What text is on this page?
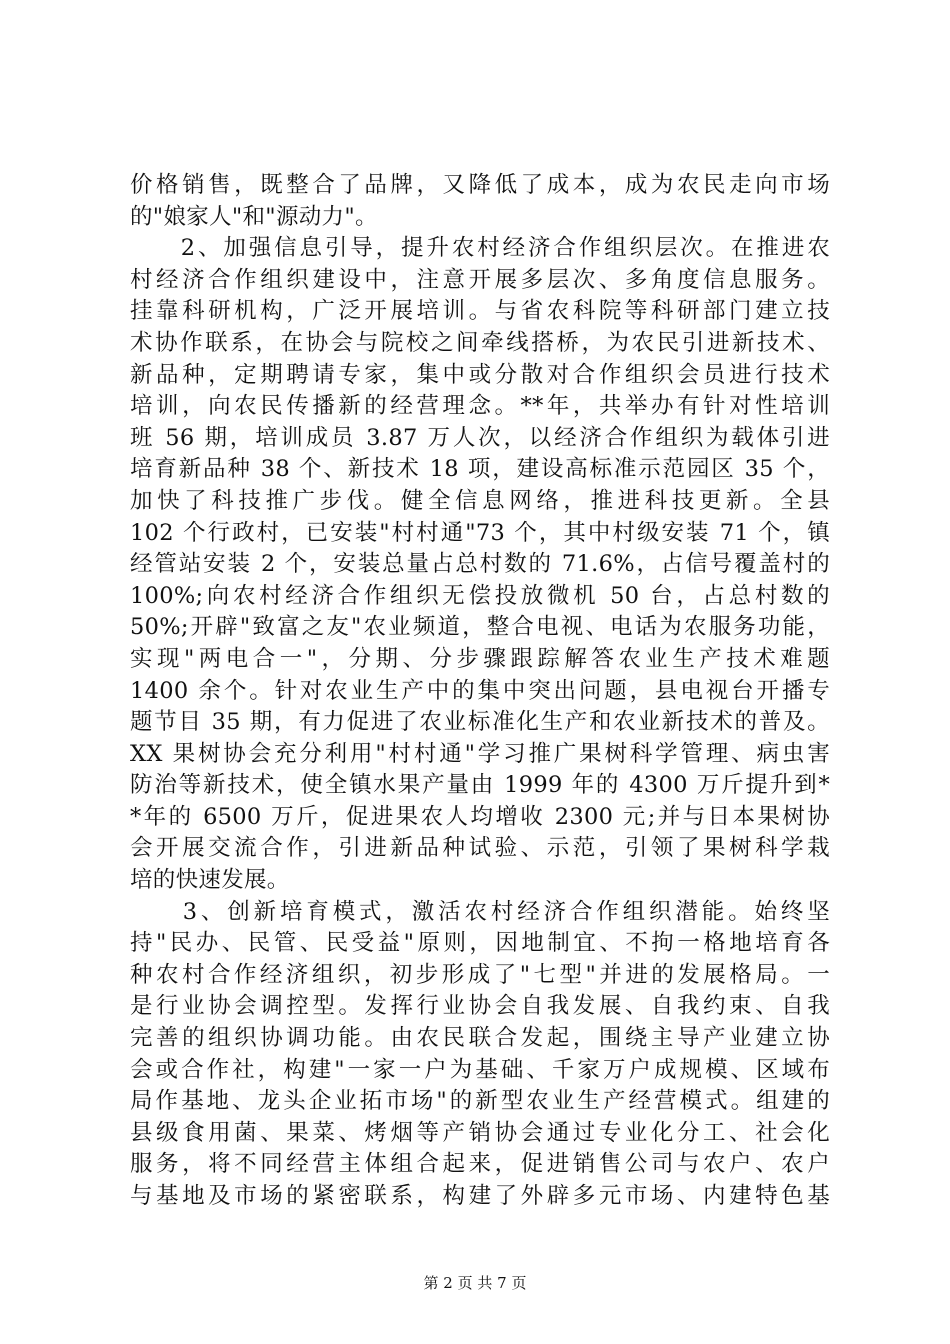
价格销售，既整合了品牌，又降低了成本，成为农民走向市场
的"娘家人"和"源动力"。
　　2、加强信息引导，提升农村经济合作组织层次。在推进农
村经济合作组织建设中，注意开展多层次、多角度信息服务。
挂靠科研机构，广泛开展培训。与省农科院等科研部门建立技
术协作联系，在协会与院校之间牵线搭桥，为农民引进新技术、
新品种，定期聘请专家，集中或分散对合作组织会员进行技术
培训，向农民传播新的经营理念。**年，共举办有针对性培训
班 56 期，培训成员 3.87 万人次，以经济合作组织为载体引进
培育新品种 38 个、新技术 18 项，建设高标准示范园区 35 个，
加快了科技推广步伐。健全信息网络，推进科技更新。全县
102 个行政村，已安装"村村通"73 个，其中村级安装 71 个，镇
经管站安装 2 个，安装总量占总村数的 71.6%，占信号覆盖村的
100%;向农村经济合作组织无偿投放微机 50 台，占总村数的
50%;开辟"致富之友"农业频道，整合电视、电话为农服务功能，
实现"两电合一"，分期、分步骤跟踪解答农业生产技术难题
1400 余个。针对农业生产中的集中突出问题，县电视台开播专
题节目 35 期，有力促进了农业标准化生产和农业新技术的普及。
XX 果树协会充分利用"村村通"学习推广果树科学管理、病虫害
防治等新技术，使全镇水果产量由 1999 年的 4300 万斤提升到*
*年的 6500 万斤，促进果农人均增收 2300 元;并与日本果树协
会开展交流合作，引进新品种试验、示范，引领了果树科学栽
培的快速发展。
　　3、创新培育模式，激活农村经济合作组织潜能。始终坚
持"民办、民管、民受益"原则，因地制宜、不拘一格地培育各
种农村合作经济组织，初步形成了"七型"并进的发展格局。一
是行业协会调控型。发挥行业协会自我发展、自我约束、自我
完善的组织协调功能。由农民联合发起，围绕主导产业建立协
会或合作社，构建"一家一户为基础、千家万户成规模、区域布
局作基地、龙头企业拓市场"的新型农业生产经营模式。组建的
县级食用菌、果菜、烤烟等产销协会通过专业化分工、社会化
服务，将不同经营主体组合起来，促进销售公司与农户、农户
与基地及市场的紧密联系，构建了外辟多元市场、内建特色基
第 2 页 共 7 页
